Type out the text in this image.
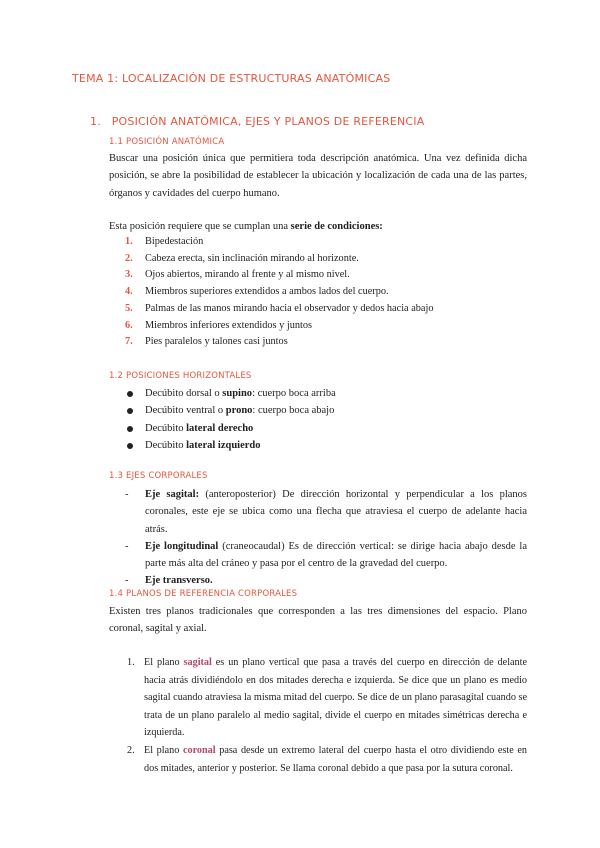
TEMA 1: LOCALIZACIÓN DE ESTRUCTURAS ANATÓMICAS
1. POSICIÓN ANATÓMICA, EJES Y PLANOS DE REFERENCIA
1.1 POSICIÓN ANATÓMICA

Buscar una posición única que permitiera toda descripción anatómica. Una vez definida dicha posición, se abre la posibilidad de establecer la ubicación y localización de cada una de las partes, órganos y cavidades del cuerpo humano.

Esta posición requiere que se cumplan una serie de condiciones:

1. Bipedestación
2. Cabeza erecta, sin inclinación mirando al horizonte.
3. Ojos abiertos, mirando al frente y al mismo nivel.
4. Miembros superiores extendidos a ambos lados del cuerpo.
5. Palmas de las manos mirando hacia el observador y dedos hacia abajo
6. Miembros inferiores extendidos y juntos
7. Pies paralelos y talones casi juntos
1.2 POSICIONES HORIZONTALES
Decúbito dorsal o supino: cuerpo boca arriba
Decúbito ventral o prono: cuerpo boca abajo
Decúbito lateral derecho
Decúbito lateral izquierdo
1.3 EJES CORPORALES
- Eje sagital: (anteroposterior) De dirección horizontal y perpendicular a los planos coronales, este eje se ubica como una flecha que atraviesa el cuerpo de adelante hacia atrás.
- Eje longitudinal (craneocaudal) Es de dirección vertical: se dirige hacia abajo desde la parte más alta del cráneo y pasa por el centro de la gravedad del cuerpo.
- Eje transverso.
1.4 PLANOS DE REFERENCIA CORPORALES

Existen tres planos tradicionales que corresponden a las tres dimensiones del espacio. Plano coronal, sagital y axial.

1. El plano sagital es un plano vertical que pasa a través del cuerpo en dirección de delante hacia atrás dividiéndolo en dos mitades derecha e izquierda. Se dice que un plano es medio sagital cuando atraviesa la misma mitad del cuerpo. Se dice de un plano parasagital cuando se trata de un plano paralelo al medio sagital, divide el cuerpo en mitades simétricas derecha e izquierda.
2. El plano coronal pasa desde un extremo lateral del cuerpo hasta el otro dividiendo este en dos mitades, anterior y posterior. Se llama coronal debido a que pasa por la sutura coronal.
